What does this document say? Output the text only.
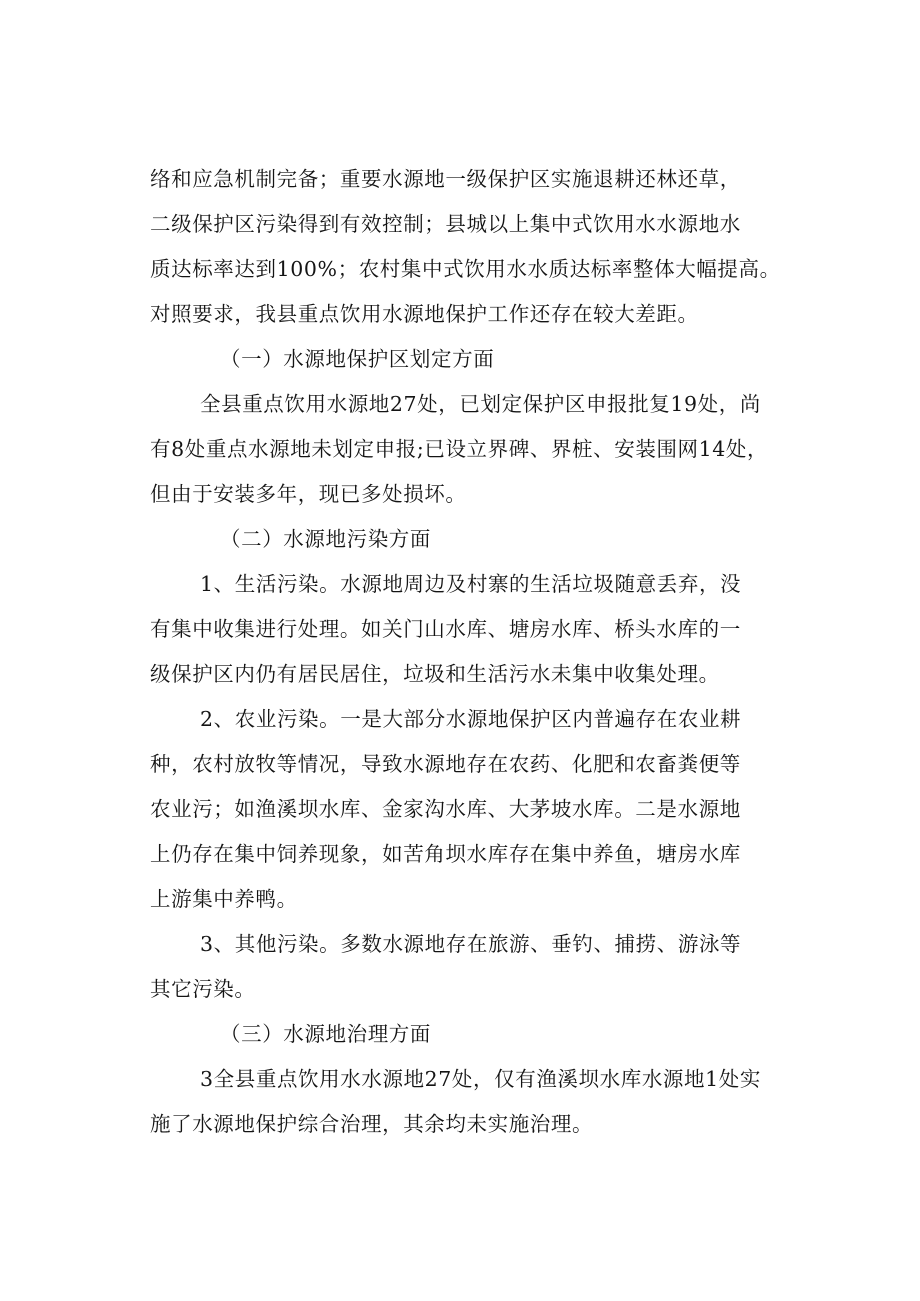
络和应急机制完备；重要水源地一级保护区实施退耕还林还草，
二级保护区污染得到有效控制；县城以上集中式饮用水水源地水
质达标率达到100%；农村集中式饮用水水质达标率整体大幅提高。
对照要求，我县重点饮用水源地保护工作还存在较大差距。
（一）水源地保护区划定方面
全县重点饮用水源地27处，已划定保护区申报批复19处，尚
有8处重点水源地未划定申报;已设立界碑、界桩、安装围网14处，
但由于安装多年，现已多处损坏。
（二）水源地污染方面
1、生活污染。水源地周边及村寨的生活垃圾随意丢弃，没
有集中收集进行处理。如关门山水库、塘房水库、桥头水库的一
级保护区内仍有居民居住，垃圾和生活污水未集中收集处理。
2、农业污染。一是大部分水源地保护区内普遍存在农业耕
种，农村放牧等情况，导致水源地存在农药、化肥和农畜粪便等
农业污；如渔溪坝水库、金家沟水库、大茅坡水库。二是水源地
上仍存在集中饲养现象，如苦角坝水库存在集中养鱼，塘房水库
上游集中养鸭。
3、其他污染。多数水源地存在旅游、垂钓、捕捞、游泳等
其它污染。
（三）水源地治理方面
3全县重点饮用水水源地27处，仅有渔溪坝水库水源地1处实
施了水源地保护综合治理，其余均未实施治理。
